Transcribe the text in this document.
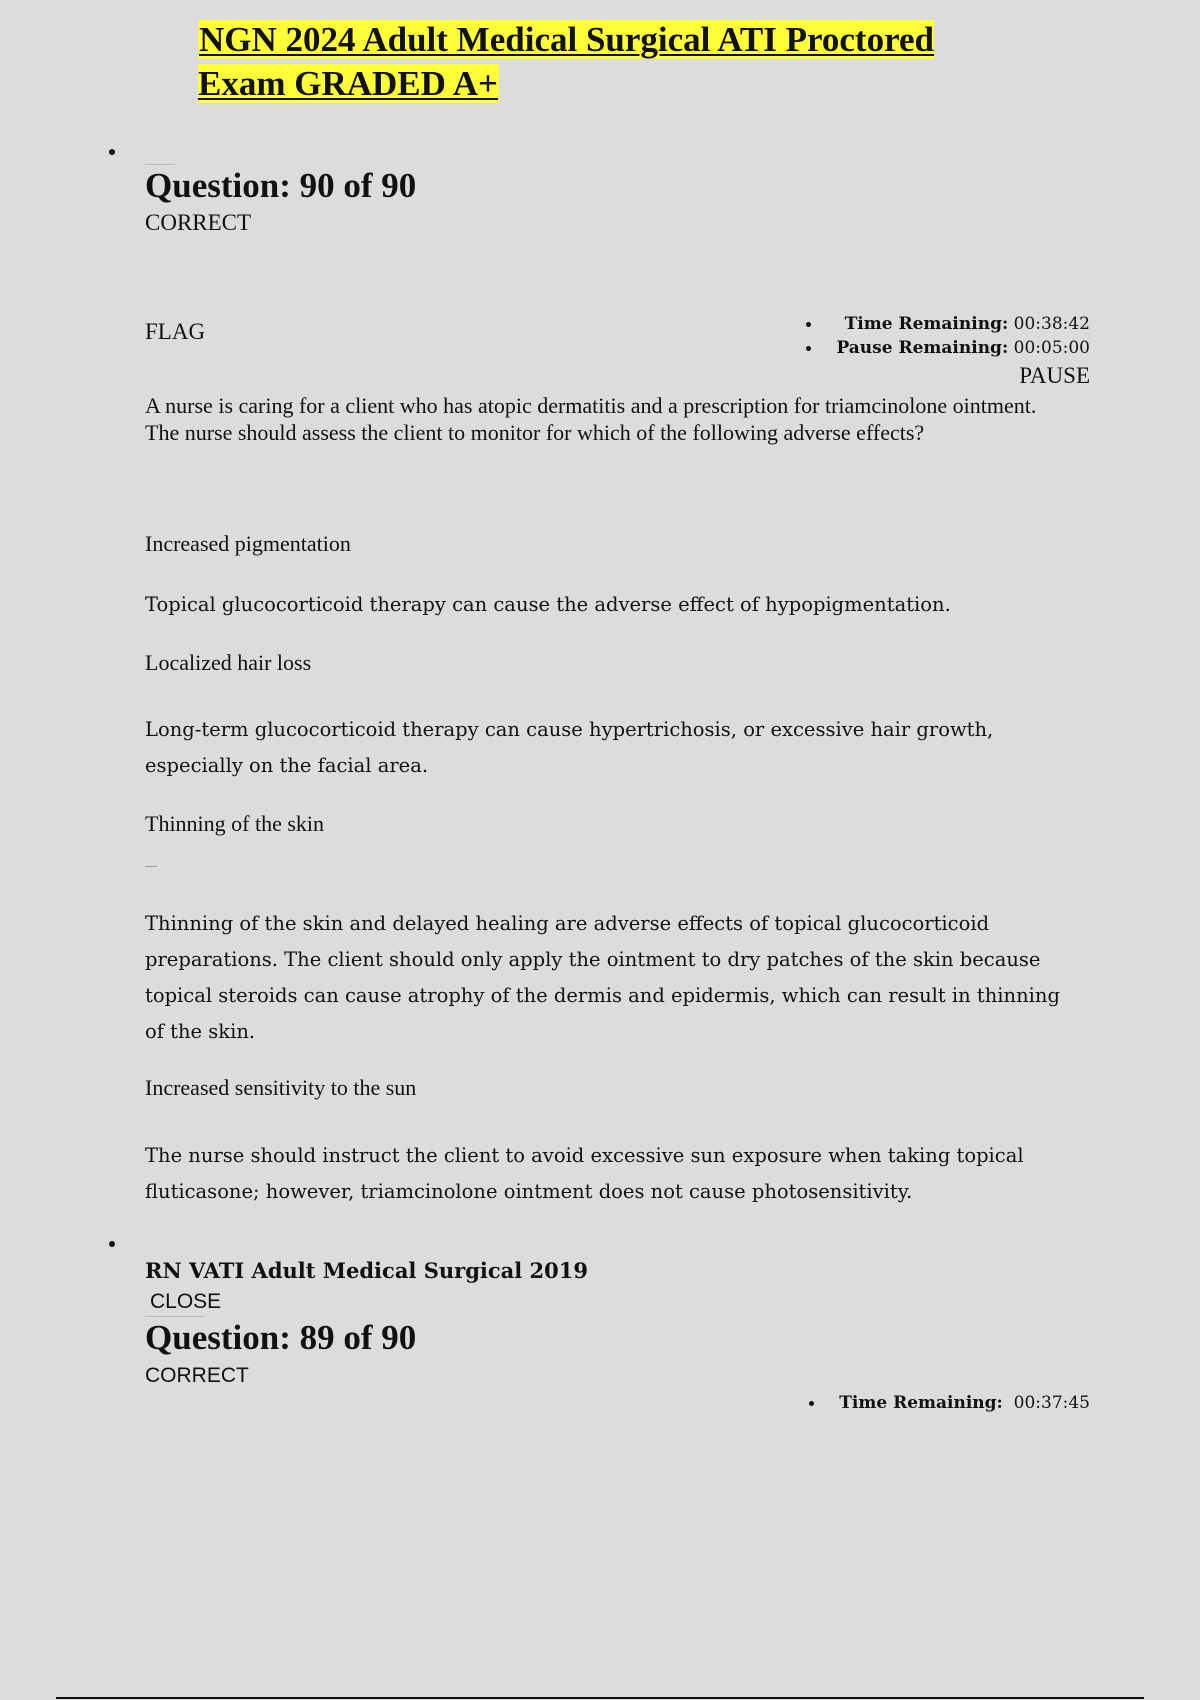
NGN 2024 Adult Medical Surgical ATI Proctored Exam GRADED A+
Question: 90 of 90
CORRECT
FLAG	Time Remaining: 00:38:42
Pause Remaining: 00:05:00
PAUSE

A nurse is caring for a client who has atopic dermatitis and a prescription for triamcinolone ointment. The nurse should assess the client to monitor for which of the following adverse effects?

Increased pigmentation

Topical glucocorticoid therapy can cause the adverse effect of hypopigmentation.

Localized hair loss

Long-term glucocorticoid therapy can cause hypertrichosis, or excessive hair growth, especially on the facial area.

Thinning of the skin

Thinning of the skin and delayed healing are adverse effects of topical glucocorticoid preparations. The client should only apply the ointment to dry patches of the skin because topical steroids can cause atrophy of the dermis and epidermis, which can result in thinning of the skin.

Increased sensitivity to the sun

The nurse should instruct the client to avoid excessive sun exposure when taking topical fluticasone; however, triamcinolone ointment does not cause photosensitivity.

RN VATI Adult Medical Surgical 2019
CLOSE
Question: 89 of 90
CORRECT
Time Remaining: 00:37:45
